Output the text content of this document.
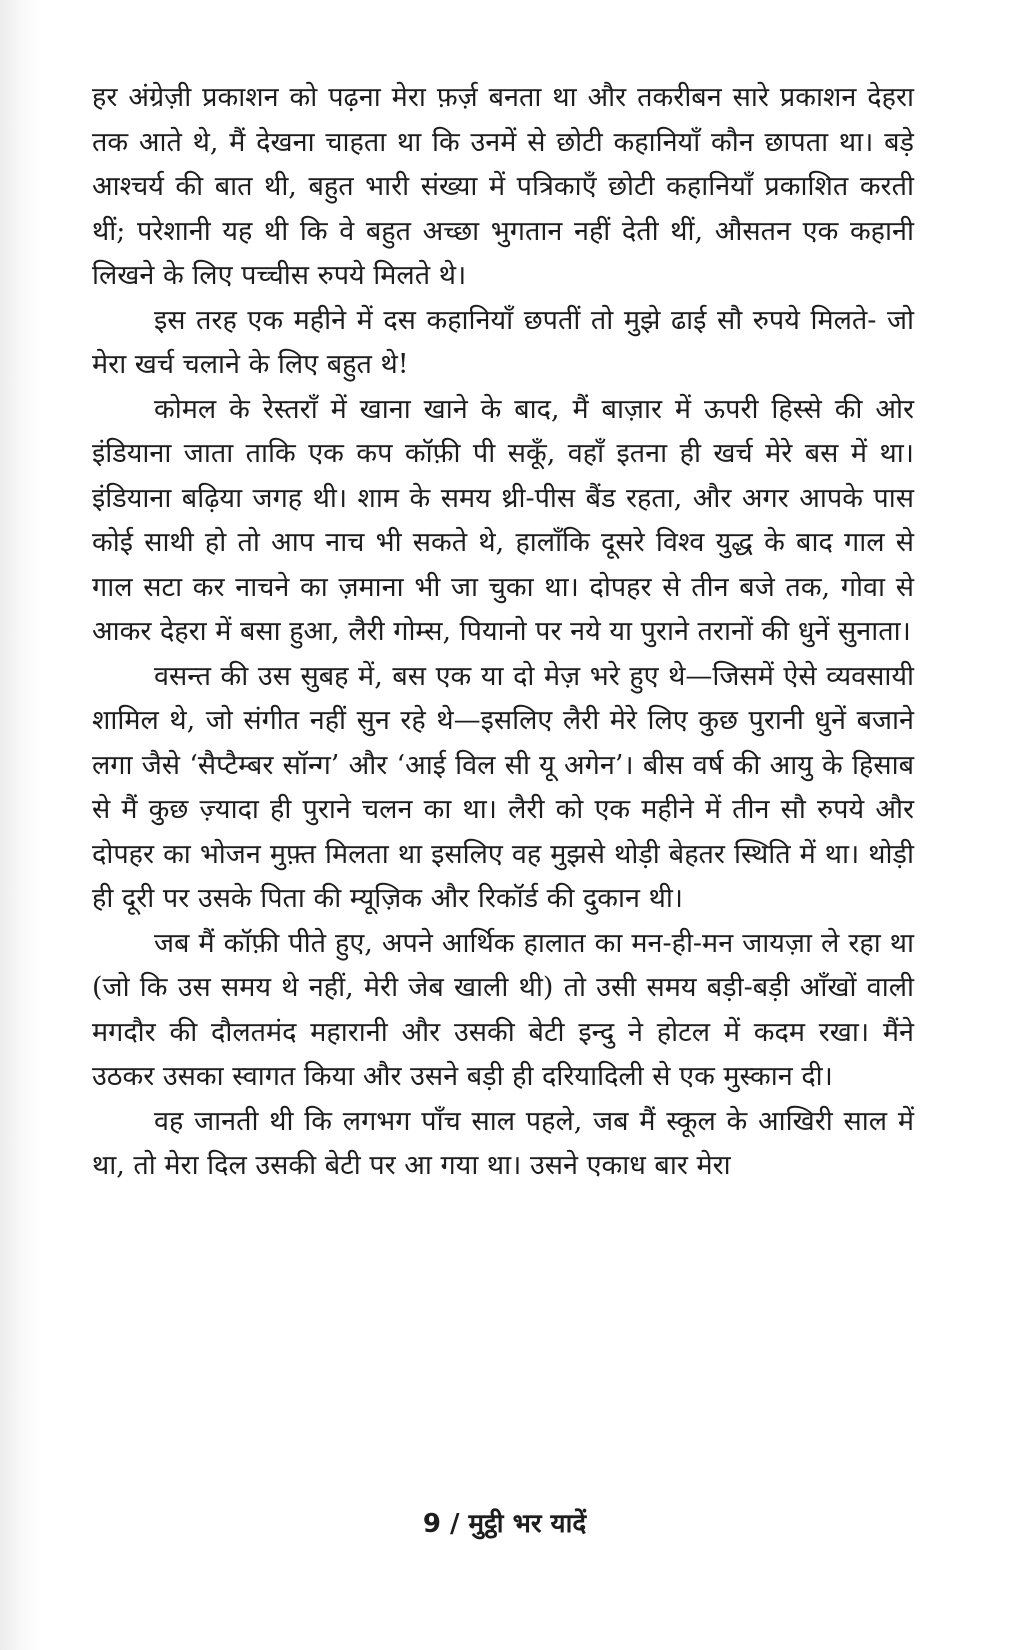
हर अंग्रेज़ी प्रकाशन को पढ़ना मेरा फ़र्ज़ बनता था और तकरीबन सारे प्रकाशन देहरा तक आते थे, मैं देखना चाहता था कि उनमें से छोटी कहानियाँ कौन छापता था। बड़े आश्चर्य की बात थी, बहुत भारी संख्या में पत्रिकाएँ छोटी कहानियाँ प्रकाशित करती थीं; परेशानी यह थी कि वे बहुत अच्छा भुगतान नहीं देती थीं, औसतन एक कहानी लिखने के लिए पच्चीस रुपये मिलते थे।

इस तरह एक महीने में दस कहानियाँ छपतीं तो मुझे ढाई सौ रुपये मिलते- जो मेरा खर्च चलाने के लिए बहुत थे!

कोमल के रेस्तराँ में खाना खाने के बाद, मैं बाज़ार में ऊपरी हिस्से की ओर इंडियाना जाता ताकि एक कप कॉफ़ी पी सकूँ, वहाँ इतना ही खर्च मेरे बस में था। इंडियाना बढ़िया जगह थी। शाम के समय थ्री-पीस बैंड रहता, और अगर आपके पास कोई साथी हो तो आप नाच भी सकते थे, हालाँकि दूसरे विश्व युद्ध के बाद गाल से गाल सटा कर नाचने का ज़माना भी जा चुका था। दोपहर से तीन बजे तक, गोवा से आकर देहरा में बसा हुआ, लैरी गोम्स, पियानो पर नये या पुराने तरानों की धुनें सुनाता।

वसन्त की उस सुबह में, बस एक या दो मेज़ भरे हुए थे—जिसमें ऐसे व्यवसायी शामिल थे, जो संगीत नहीं सुन रहे थे—इसलिए लैरी मेरे लिए कुछ पुरानी धुनें बजाने लगा जैसे ‘सैप्टैम्बर सॉन्ग’ और ‘आई विल सी यू अगेन’। बीस वर्ष की आयु के हिसाब से मैं कुछ ज़्यादा ही पुराने चलन का था। लैरी को एक महीने में तीन सौ रुपये और दोपहर का भोजन मुफ़्त मिलता था इसलिए वह मुझसे थोड़ी बेहतर स्थिति में था। थोड़ी ही दूरी पर उसके पिता की म्यूज़िक और रिकॉर्ड की दुकान थी।

जब मैं कॉफ़ी पीते हुए, अपने आर्थिक हालात का मन-ही-मन जायज़ा ले रहा था (जो कि उस समय थे नहीं, मेरी जेब खाली थी) तो उसी समय बड़ी-बड़ी आँखों वाली मगदौर की दौलतमंद महारानी और उसकी बेटी इन्दु ने होटल में कदम रखा। मैंने उठकर उसका स्वागत किया और उसने बड़ी ही दरियादिली से एक मुस्कान दी।

वह जानती थी कि लगभग पाँच साल पहले, जब मैं स्कूल के आखिरी साल में था, तो मेरा दिल उसकी बेटी पर आ गया था। उसने एकाध बार मेरा

9 / मुट्ठी भर यादें
